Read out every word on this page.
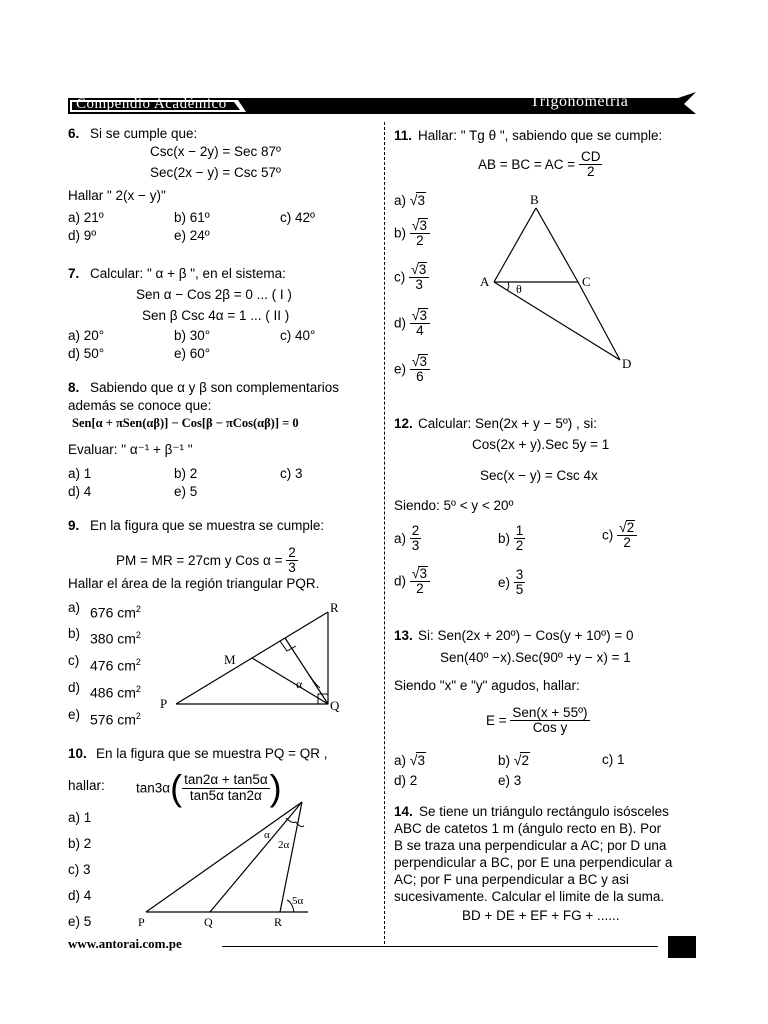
Compendio Académico	Trigonometría
6. Si se cumple que:
Csc(x − 2y) = Sec 87º
Sec(2x − y) = Csc 57º
Hallar " 2(x − y)"
a) 21º	b) 61º	c) 42º
d) 9º	e) 24º
7. Calcular: " α + β ", en el sistema:
Sen α − Cos 2β = 0 ... ( I )
Sen β Csc 4α = 1 ... ( II )
a) 20°	b) 30°	c) 40°
d) 50°	e) 60°
8. Sabiendo que α y β son complementarios
además se conoce que:
Sen[α + πSen(αβ)] − Cos[β − πCos(αβ)] = 0
Evaluar: " α⁻¹ + β⁻¹ "
a) 1	b) 2	c) 3
d) 4	e) 5
9. En la figura que se muestra se cumple:
PM = MR = 27cm y Cos $\alpha = \frac{2}{3}$
Hallar el área de la región triangular PQR.
a) 676 $cm^2$
b) 380 $cm^2$
c) 476 $cm^2$
d) 486 $cm^2$
e) 576 $cm^2$
R
M
P	Q
α
10. En la figura que se muestra PQ = QR ,
hallar: $\tan 3\alpha( \frac{\tan 2\alpha + \tan 5\alpha}{\text{tan5α tan2α}}$ )
a) 1
b) 2
c) 3
d) 4
e) 5	P	Q	R
α
2α
5α
11. Hallar: " Tg θ ", sabiendo que se cumple:
AB = BC = AC = $\frac{CD}{2}$
a) √3
$b) \frac{√3}{2}$
$c) \frac{√3}{3}$
$d) \frac{√3}{4}$
$e) \frac{√3}{6}$
B
A	C
D
θ
12. Calcular: Sen(2x + y − 5º) , si:
Cos(2x + y).Sec 5y = 1
Sec(x − y) = Csc 4x
Siendo: 5º < y < 20º
$a) \frac{2}{3}$	$b) \frac{1}{2}$	$c) \frac{√2}{2}$
$d) \frac{√3}{2}$	$e) \frac{3}{5}$
13. Si: Sen(2x + 20º) − Cos(y + 10º) = 0
Sen(40º −x).Sec(90º +y − x) = 1
Siendo "x" e "y" agudos, hallar:
$E = \frac{\text{Sen(x + 55º)}}{\text{Cos y}}$
a) √3	b) √2	c) 1
d) 2	e) 3
14. Se tiene un triángulo rectángulo isósceles
ABC de catetos 1 m (ángulo recto en B). Por
B se traza una perpendicular a AC; por D una
perpendicular a BC, por E una perpendicular a
AC; por F una perpendicular a BC y asi
sucesivamente. Calcular el limite de la suma.
BD + DE + EF + FG + ......
www.antorai.com.pe
